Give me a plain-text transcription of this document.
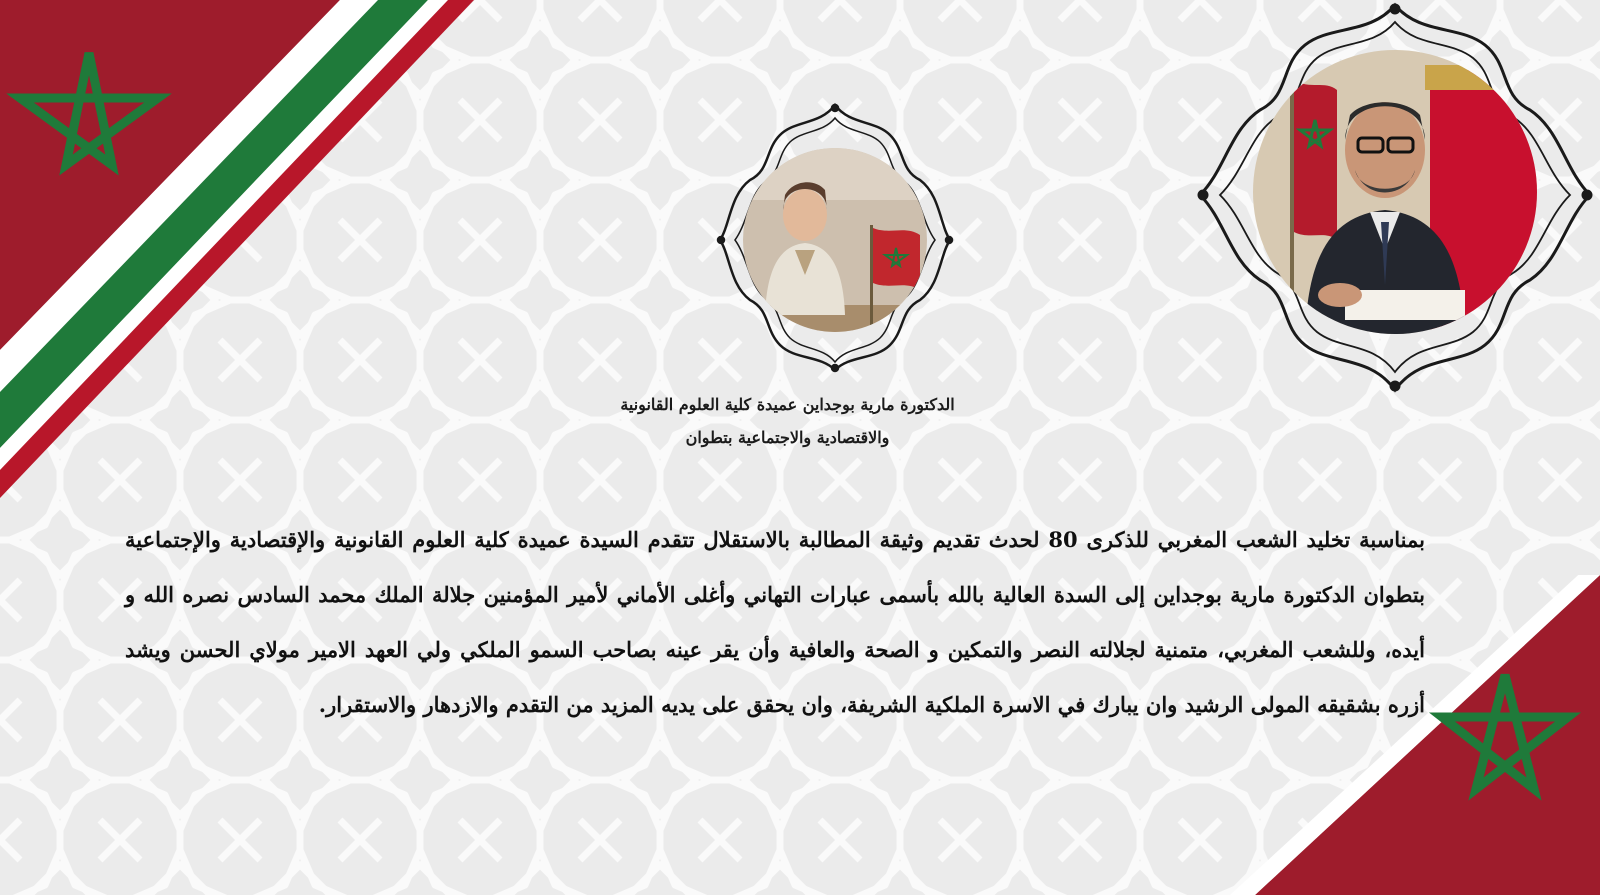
الدكتورة مارية بوجداين عميدة كلية العلوم القانونية
والاقتصادية والاجتماعية بتطوان
بمناسبة تخليد الشعب المغربي للذكرى 80 لحدث تقديم وثيقة المطالبة بالاستقلال تتقدم السيدة عميدة كلية العلوم القانونية والإقتصادية والإجتماعية بتطوان الدكتورة مارية بوجداين إلى السدة العالية بالله بأسمى عبارات التهاني وأغلى الأماني لأمير المؤمنين جلالة الملك محمد السادس نصره الله و أيده، وللشعب المغربي، متمنية لجلالته النصر والتمكين و الصحة والعافية وأن يقر عينه بصاحب السمو الملكي ولي العهد الامير مولاي الحسن ويشد أزره بشقيقه المولى الرشيد وان يبارك في الاسرة الملكية الشريفة، وان يحقق على يديه المزيد من التقدم والازدهار والاستقرار.
